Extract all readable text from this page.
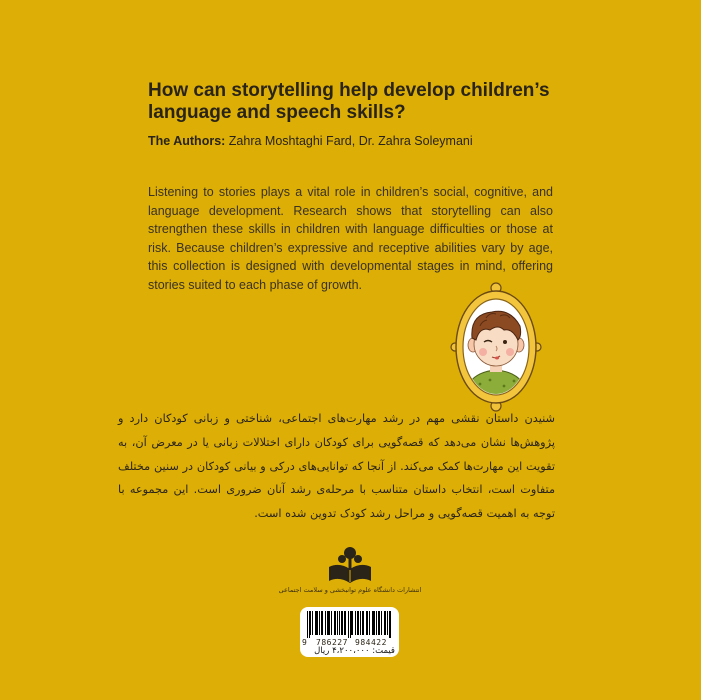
How can storytelling help develop children’s language and speech skills?
The Authors: Zahra Moshtaghi Fard, Dr. Zahra Soleymani
Listening to stories plays a vital role in children’s social, cognitive, and language development. Research shows that storytelling can also strengthen these skills in children with language difficulties or those at risk. Because children’s expressive and receptive abilities vary by age, this collection is designed with developmental stages in mind, offering stories suited to each phase of growth.
شنیدن داستان نقشی مهم در رشد مهارت‌های اجتماعی، شناختی و زبانی کودکان دارد و پژوهش‌ها نشان می‌دهد که قصه‌گویی برای کودکان دارای اختلالات زبانی یا در معرض آن، به تقویت این مهارت‌ها کمک می‌کند. از آنجا که توانایی‌های درکی و بیانی کودکان در سنین مختلف متفاوت است، انتخاب داستان متناسب با مرحله‌ی رشد آنان ضروری است. این مجموعه با توجه به اهمیت قصه‌گویی و مراحل رشد کودک تدوین شده است.
انتشارات دانشگاه علوم توانبخشی و سلامت اجتماعی
9 786227 984422
قیمت: ۴،۲۰۰،۰۰۰ ریال
